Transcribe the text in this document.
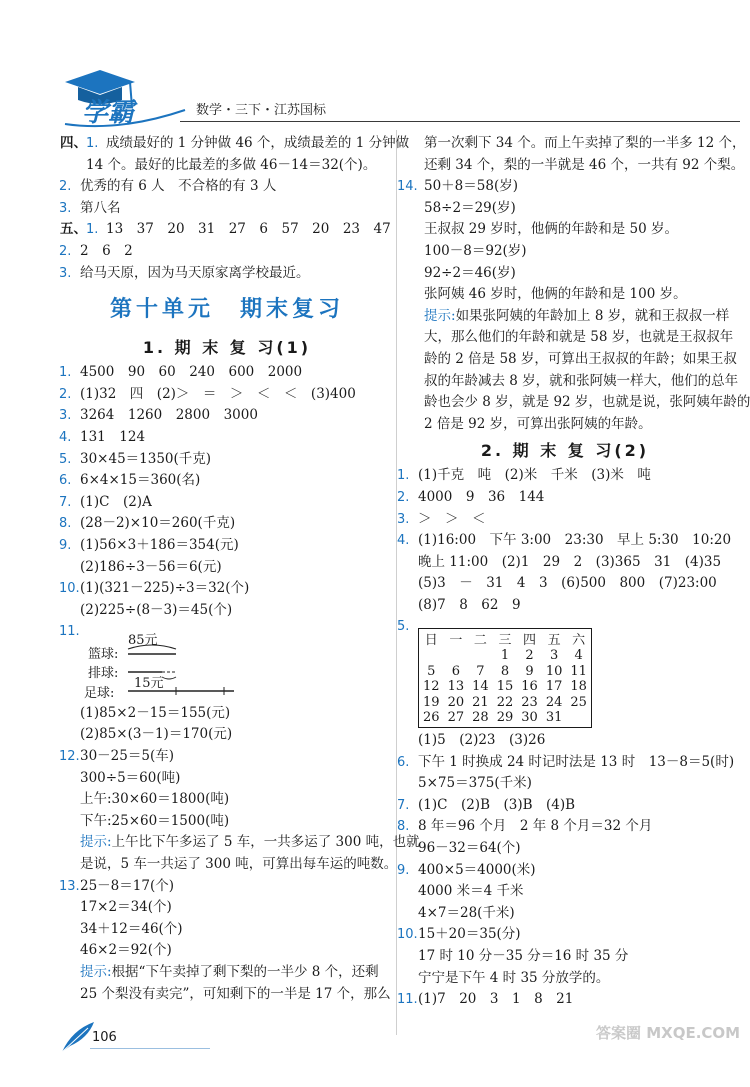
学霸	数学・三下・江苏国标
四、 1. 成绩最好的 1 分钟做 46 个，成绩最差的 1 分钟做
14 个。最好的比最差的多做 46－14＝32(个)。
2. 优秀的有 6 人　不合格的有 3 人
3. 第八名
五、 1. 13　37　20　31　27　6　57　20　23　47
2. 2　6　2
3. 给马天原，因为马天原家离学校最近。
第十单元　期末复习
1. 期 末 复 习(1)
1. 4500　90　60　240　600　2000
2. (1)32　四　(2)＞　＝　＞　＜　＜　(3)400
3. 3264　1260　2800　3000
4. 131　124
5. 30×45＝1350(千克)
6. 6×4×15＝360(名)
7. (1)C　(2)A
8. (28－2)×10＝260(千克)
9. (1)56×3＋186＝354(元)
(2)186÷3－56＝6(元)
10. (1)(321－225)÷3＝32(个)
(2)225÷(8－3)＝45(个)
11.
85元
篮球:
排球:
15元
足球:
(1)85×2－15＝155(元)
(2)85×(3－1)＝170(元)
12. 30－25＝5(车)
300÷5＝60(吨)
上午:30×60＝1800(吨)
下午:25×60＝1500(吨)
提示:上午比下午多运了 5 车，一共多运了 300 吨，也就
是说，5 车一共运了 300 吨，可算出每车运的吨数。
13. 25－8＝17(个)
17×2＝34(个)
34＋12＝46(个)
46×2＝92(个)
提示:根据“下午卖掉了剩下梨的一半少 8 个，还剩
25 个梨没有卖完”，可知剩下的一半是 17 个，那么
第一次剩下 34 个。而上午卖掉了梨的一半多 12 个，
还剩 34 个，梨的一半就是 46 个，一共有 92 个梨。
14. 50＋8＝58(岁)
58÷2＝29(岁)
王叔叔 29 岁时，他俩的年龄和是 50 岁。
100－8＝92(岁)
92÷2＝46(岁)
张阿姨 46 岁时，他俩的年龄和是 100 岁。
提示:如果张阿姨的年龄加上 8 岁，就和王叔叔一样
大，那么他们的年龄和就是 58 岁，也就是王叔叔年
龄的 2 倍是 58 岁，可算出王叔叔的年龄；如果王叔
叔的年龄减去 8 岁，就和张阿姨一样大，他们的总年
龄也会少 8 岁，就是 92 岁，也就是说，张阿姨年龄的
2 倍是 92 岁，可算出张阿姨的年龄。
2. 期 末 复 习(2)
1. (1)千克　吨　(2)米　千米　(3)米　吨
2. 4000　9　36　144
3. ＞　＞　＜
4. (1)16:00　下午 3:00　23:30　早上 5:30　10:20
晚上 11:00　(2)1　29　2　(3)365　31　(4)35
(5)3　－　31　4　3　(6)500　800　(7)23:00
(8)7　8　62　9
5.
(1)5　(2)23　(3)26
6. 下午 1 时换成 24 时记时法是 13 时　13－8＝5(时)
5×75＝375(千米)
7. (1)C　(2)B　(3)B　(4)B
8. 8 年＝96 个月　2 年 8 个月＝32 个月
96－32＝64(个)
9. 400×5＝4000(米)
4000 米＝4 千米
4×7＝28(千米)
10. 15＋20＝35(分)
17 时 10 分－35 分＝16 时 35 分
宁宁是下午 4 时 35 分放学的。
11. (1)7　20　3　1　8　21
日	一	二	三	四	五	六
			1	2	3	4
5	6	7	8	9	10	11
12	13	14	15	16	17	18
19	20	21	22	23	24	25
26	27	28	29	30	31	
106	答案圈 MXQE.COM
